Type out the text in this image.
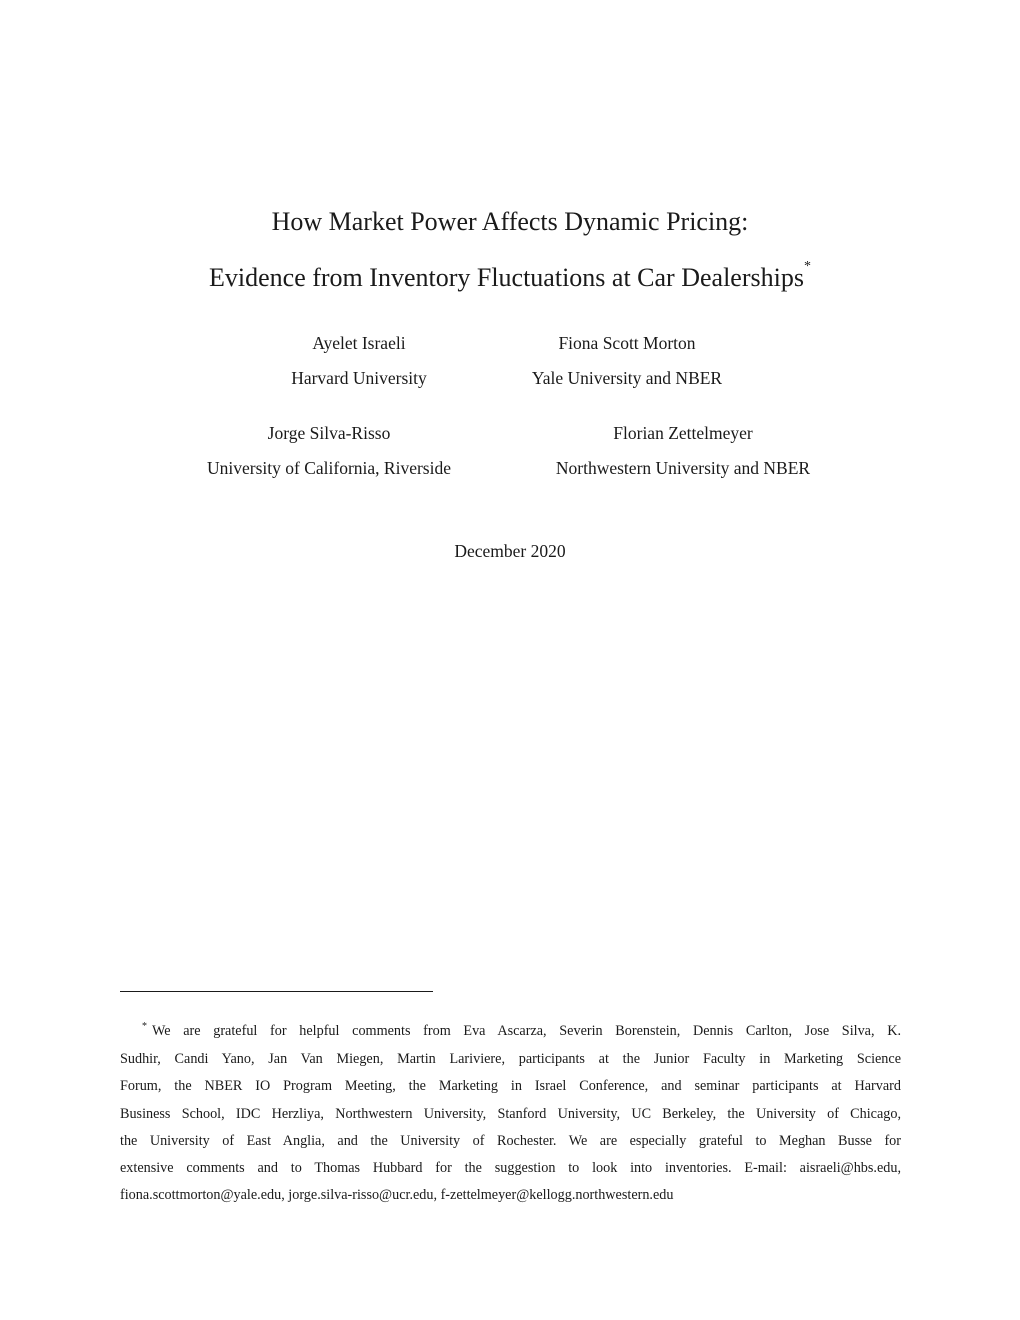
How Market Power Affects Dynamic Pricing:
Evidence from Inventory Fluctuations at Car Dealerships*
Ayelet Israeli
Harvard University
Fiona Scott Morton
Yale University and NBER
Jorge Silva-Risso
University of California, Riverside
Florian Zettelmeyer
Northwestern University and NBER
December 2020
* We are grateful for helpful comments from Eva Ascarza, Severin Borenstein, Dennis Carlton, Jose Silva, K.
Sudhir, Candi Yano, Jan Van Miegen, Martin Lariviere, participants at the Junior Faculty in Marketing Science
Forum, the NBER IO Program Meeting, the Marketing in Israel Conference, and seminar participants at Harvard
Business School, IDC Herzliya, Northwestern University, Stanford University, UC Berkeley, the University of Chicago,
the University of East Anglia, and the University of Rochester. We are especially grateful to Meghan Busse for
extensive comments and to Thomas Hubbard for the suggestion to look into inventories. E-mail: aisraeli@hbs.edu,
fiona.scottmorton@yale.edu, jorge.silva-risso@ucr.edu, f-zettelmeyer@kellogg.northwestern.edu
